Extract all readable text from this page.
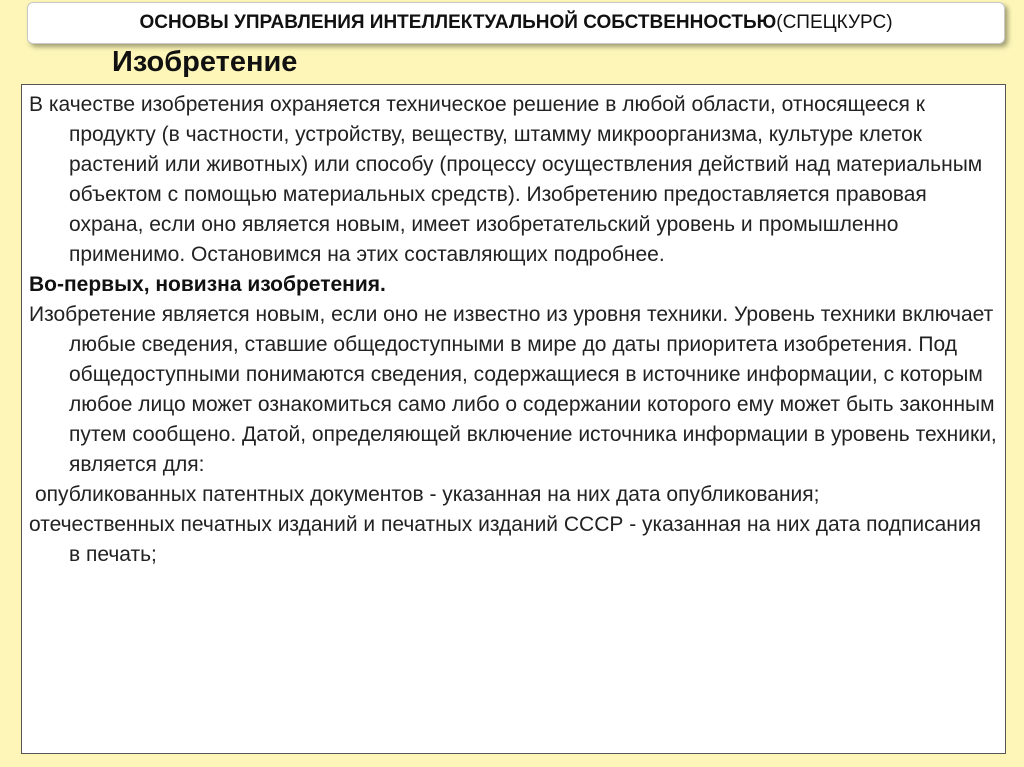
ОСНОВЫ УПРАВЛЕНИЯ ИНТЕЛЛЕКТУАЛЬНОЙ СОБСТВЕННОСТЬЮ (СПЕЦКУРС)
Изобретение

В качестве изобретения охраняется техническое решение в любой области, относящееся к продукту (в частности, устройству, веществу, штамму микроорганизма, культуре клеток растений или животных) или способу (процессу осуществления действий над материальным объектом с помощью материальных средств). Изобретению предоставляется правовая охрана, если оно является новым, имеет изобретательский уровень и промышленно применимо. Остановимся на этих составляющих подробнее.

Во-первых, новизна изобретения.

Изобретение является новым, если оно не известно из уровня техники. Уровень техники включает любые сведения, ставшие общедоступными в мире до даты приоритета изобретения. Под общедоступными понимаются сведения, содержащиеся в источнике информации, с которым любое лицо может ознакомиться само либо о содержании которого ему может быть законным путем сообщено. Датой, определяющей включение источника информации в уровень техники, является для:

опубликованных патентных документов - указанная на них дата опубликования;

отечественных печатных изданий и печатных изданий СССР - указанная на них дата подписания в печать;
